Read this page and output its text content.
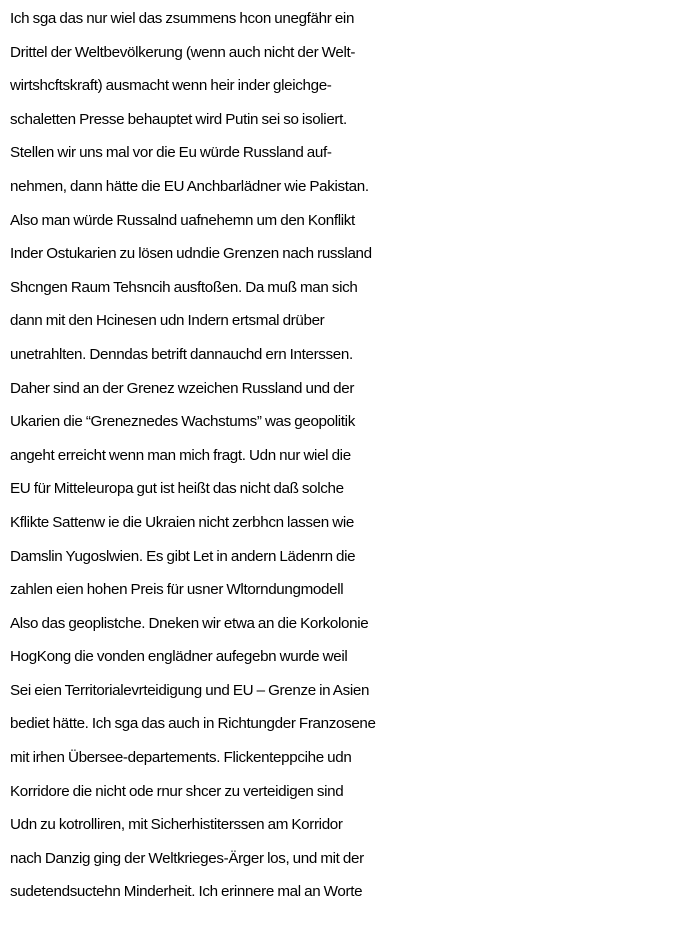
Ich sga das nur wiel das zsummens hcon unegfähr ein
Drittel der Weltbevölkerung (wenn auch nicht der Welt-
wirtshcftskraft) ausmacht wenn heir inder gleichge-
schaletten Presse behauptet wird Putin sei so isoliert.
Stellen wir uns mal vor die Eu würde Russland auf-
nehmen, dann hätte die EU Anchbarlädner wie Pakistan.
Also man würde Russalnd uafnehemn um den Konflikt
Inder Ostukarien zu lösen udndie Grenzen nach russland
Shcngen Raum Tehsncih ausftoßen. Da muß man sich
dann mit den Hcinesen udn Indern ertsmal drüber
unetrahlten. Denndas betrift dannauchd ern Interssen.
Daher sind an der Grenez wzeichen Russland und der
Ukarien die “Greneznedes Wachstums” was geopolitik
angeht erreicht wenn man mich fragt. Udn nur wiel die
EU für Mitteleuropa gut ist heißt das nicht daß solche
Kflikte Sattenw ie die Ukraien nicht zerbhcn lassen wie
Damslin Yugoslwien. Es gibt Let in andern Lädenrn die
zahlen eien hohen Preis für usner Wltorndungmodell
Also das geoplistche. Dneken wir etwa an die Korkolonie
HogKong die vonden englädner aufegebn wurde weil
Sei eien Territorialevrteidigung und EU – Grenze in Asien
bediet hätte. Ich sga das auch in Richtungder Franzosene
mit irhen Übersee-departements. Flickenteppcihe udn
Korridore die nicht ode rnur shcer zu verteidigen sind
Udn zu kotrolliren, mit Sicherhistiterssen am Korridor
nach Danzig ging der Weltkrieges-Ärger los, und mit der
sudetendsuctehn Minderheit. Ich erinnere mal an Worte
